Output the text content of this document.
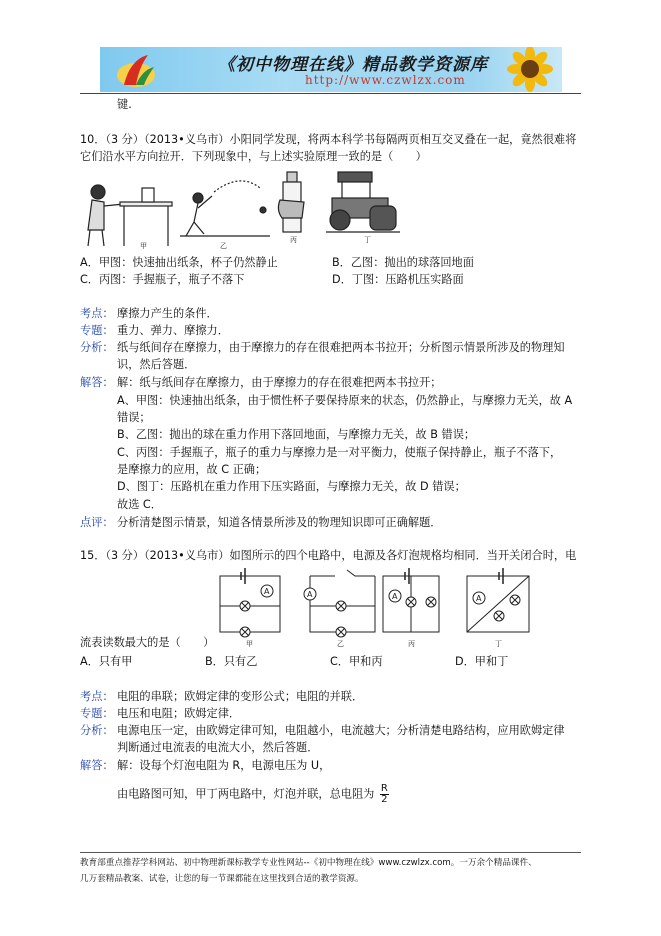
《初中物理在线》精品教学资源库
http://www.czwlzx.com
键.
10．（3 分）（2013•义乌市）小阳同学发现，将两本科学书每隔两页相互交叉叠在一起，竟然很难将
它们沿水平方向拉开．下列现象中，与上述实验原理一致的是（　　）
甲	乙
丙	丁
A．甲图：快速抽出纸条，杯子仍然静止	B．乙图：抛出的球落回地面
C．丙图：手握瓶子，瓶子不落下	D．丁图：压路机压实路面
考点： 摩擦力产生的条件．
专题： 重力、弹力、摩擦力．
分析： 纸与纸间存在摩擦力，由于摩擦力的存在很难把两本书拉开；分析图示情景所涉及的物理知
识，然后答题．
解答： 解：纸与纸间存在摩擦力，由于摩擦力的存在很难把两本书拉开；
A、甲图：快速抽出纸条，由于惯性杯子要保持原来的状态，仍然静止，与摩擦力无关，故 A
错误；
B、乙图：抛出的球在重力作用下落回地面，与摩擦力无关，故 B 错误；
C、丙图：手握瓶子，瓶子的重力与摩擦力是一对平衡力，使瓶子保持静止，瓶子不落下，
是摩擦力的应用，故 C 正确；
D、图丁：压路机在重力作用下压实路面，与摩擦力无关，故 D 错误；
故选 C．
点评： 分析清楚图示情景，知道各情景所涉及的物理知识即可正确解题．
15．（3 分）（2013•义乌市）如图所示的四个电路中，电源及各灯泡规格均相同．当开关闭合时，电
A
甲
A
乙
A
丙
A
丁
流表读数最大的是（　　）
A．只有甲	B．只有乙	C．甲和丙	D．甲和丁
考点： 电阻的串联；欧姆定律的变形公式；电阻的并联．
专题： 电压和电阻；欧姆定律．
分析： 电源电压一定，由欧姆定律可知，电阻越小，电流越大；分析清楚电路结构，应用欧姆定律
判断通过电流表的电流大小，然后答题．
解答： 解：设每个灯泡电阻为 R，电源电压为 U，
由电路图可知，甲丁两电路中，灯泡并联，总电阻为 $\frac{R}{2}$
教育部重点推荐学科网站、初中物理新课标教学专业性网站--《初中物理在线》www.czwlzx.com。一万余个精品课件、
几万套精品教案、试卷，让您的每一节课都能在这里找到合适的教学资源。
